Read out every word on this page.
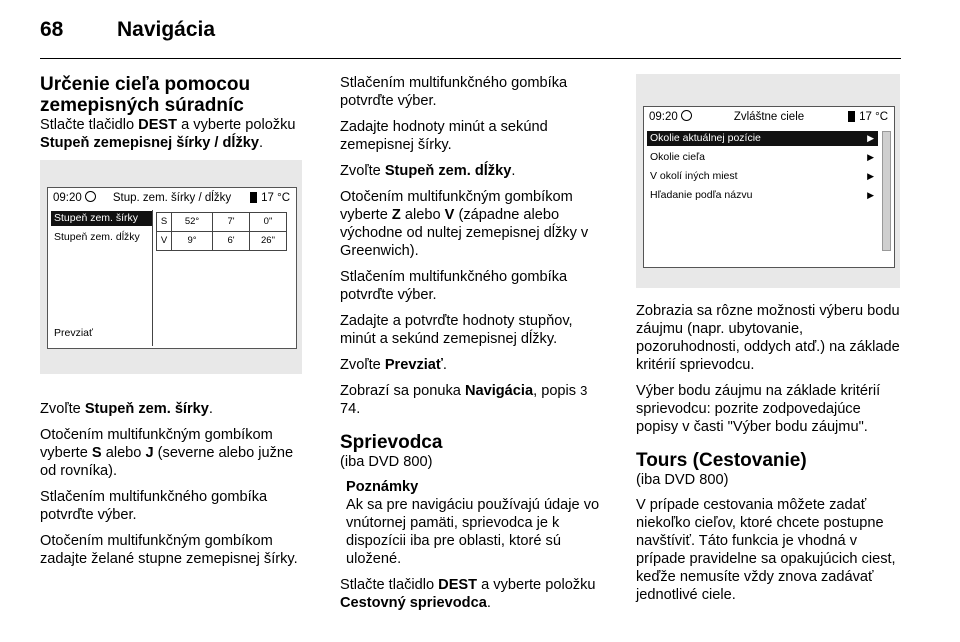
68	Navigácia
Určenie cieľa pomocou zemepisných súradníc

Stlačte tlačidlo DEST a vyberte položku Stupeň zemepisnej šírky / dĺžky.

09:20	Stup. zem. šírky / dĺžky	17 °C
Stupeň zem. šírky
Stupeň zem. dĺžky
Prevziať
S	52°	7'	0"
V	9°	6'	26"

Zvoľte Stupeň zem. šírky.

Otočením multifunkčným gombíkom vyberte S alebo J (severne alebo južne od rovníka).

Stlačením multifunkčného gombíka potvrďte výber.

Otočením multifunkčným gombíkom zadajte želané stupne zemepisnej šírky.

Stlačením multifunkčného gombíka potvrďte výber.

Zadajte hodnoty minút a sekúnd zemepisnej šírky.

Zvoľte Stupeň zem. dĺžky.

Otočením multifunkčným gombíkom vyberte Z alebo V (západne alebo východne od nultej zemepisnej dĺžky v Greenwich).

Stlačením multifunkčného gombíka potvrďte výber.

Zadajte a potvrďte hodnoty stupňov, minút a sekúnd zemepisnej dĺžky.

Zvoľte Prevziať.

Zobrazí sa ponuka Navigácia, popis 3 74.

Sprievodca

(iba DVD 800)

Poznámky

Ak sa pre navigáciu používajú údaje vo vnútornej pamäti, sprievodca je k dispozícii iba pre oblasti, ktoré sú uložené.

Stlačte tlačidlo DEST a vyberte položku Cestovný sprievodca.

09:20	Zvláštne ciele	17 °C
Okolie aktuálnej pozície	▶
Okolie cieľa	▶
V okolí iných miest	▶
Hľadanie podľa názvu	▶

Zobrazia sa rôzne možnosti výberu bodu záujmu (napr. ubytovanie, pozoruhodnosti, oddych atď.) na základe kritérií sprievodcu.

Výber bodu záujmu na základe kritérií sprievodcu: pozrite zodpovedajúce popisy v časti "Výber bodu záujmu".

Tours (Cestovanie)

(iba DVD 800)

V prípade cestovania môžete zadať niekoľko cieľov, ktoré chcete postupne navštíviť. Táto funkcia je vhodná v prípade pravidelne sa opakujúcich ciest, keďže nemusíte vždy znova zadávať jednotlivé ciele.
